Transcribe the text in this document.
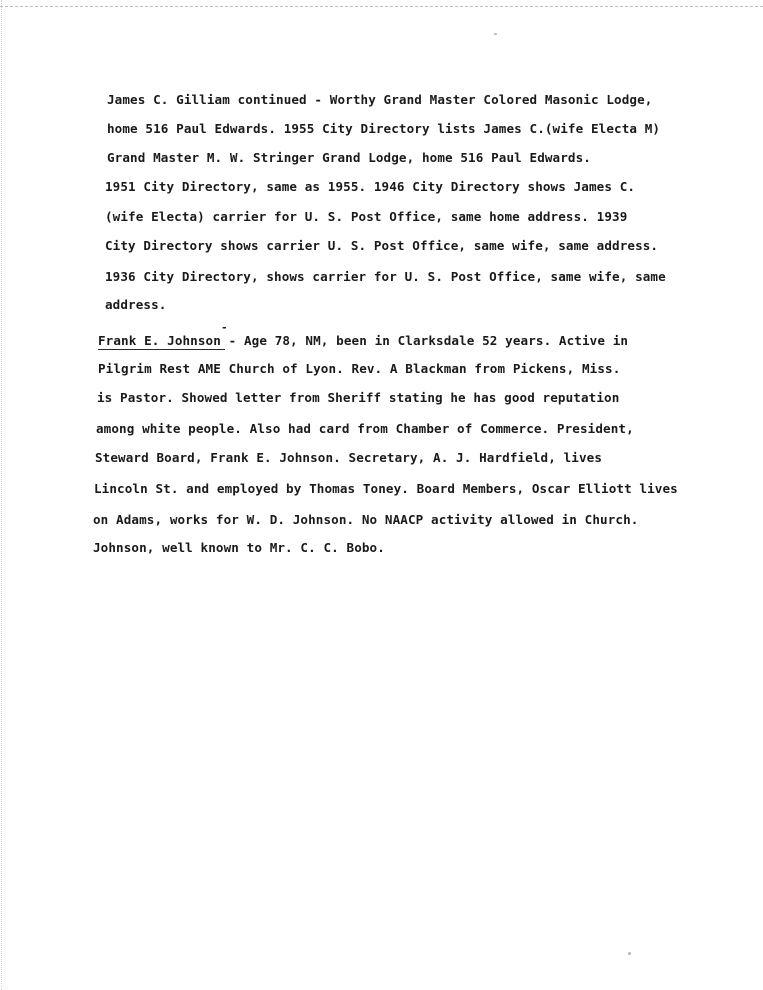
James C. Gilliam continued - Worthy Grand Master Colored Masonic Lodge,
home 516 Paul Edwards. 1955 City Directory lists James C.(wife Electa M)
Grand Master M. W. Stringer Grand Lodge, home 516 Paul Edwards.
1951 City Directory, same as 1955. 1946 City Directory shows James C.
(wife Electa) carrier for U. S. Post Office, same home address. 1939
City Directory shows carrier U. S. Post Office, same wife, same address.
1936 City Directory, shows carrier for U. S. Post Office, same wife, same
address.
Frank E. Johnson - Age 78, NM, been in Clarksdale 52 years. Active in
-
Pilgrim Rest AME Church of Lyon. Rev. A Blackman from Pickens, Miss.
is Pastor. Showed letter from Sheriff stating he has good reputation
among white people. Also had card from Chamber of Commerce. President,
Steward Board, Frank E. Johnson. Secretary, A. J. Hardfield, lives
Lincoln St. and employed by Thomas Toney. Board Members, Oscar Elliott lives
on Adams, works for W. D. Johnson. No NAACP activity allowed in Church.
Johnson, well known to Mr. C. C. Bobo.
